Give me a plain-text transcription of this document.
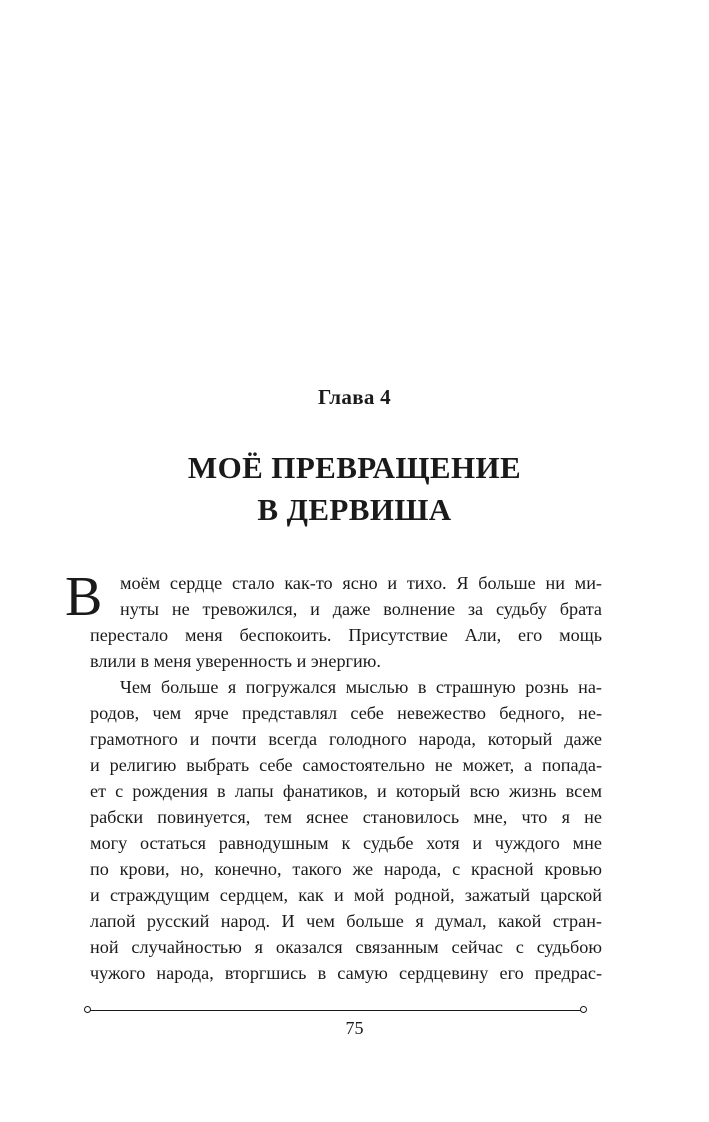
Глава 4
МОЁ ПРЕВРАЩЕНИЕ
В ДЕРВИША
В моём сердце стало как-то ясно и тихо. Я больше ни ми-
нуты не тревожился, и даже волнение за судьбу брата
перестало меня беспокоить. Присутствие Али, его мощь
влили в меня уверенность и энергию.
Чем больше я погружался мыслью в страшную рознь на-
родов, чем ярче представлял себе невежество бедного, не-
грамотного и почти всегда голодного народа, который даже
и религию выбрать себе самостоятельно не может, а попада-
ет с рождения в лапы фанатиков, и который всю жизнь всем
рабски повинуется, тем яснее становилось мне, что я не
могу остаться равнодушным к судьбе хотя и чуждого мне
по крови, но, конечно, такого же народа, с красной кровью
и страждущим сердцем, как и мой родной, зажатый царской
лапой русский народ. И чем больше я думал, какой стран-
ной случайностью я оказался связанным сейчас с судьбою
чужого народа, вторгшись в самую сердцевину его предрас-
75
